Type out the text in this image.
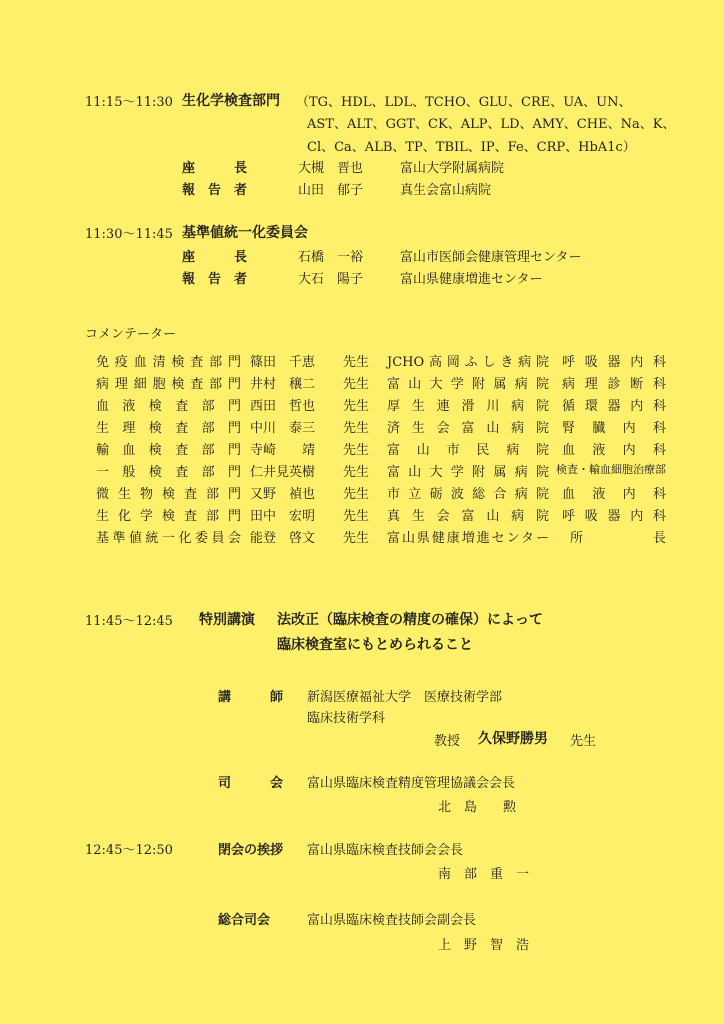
11:15～11:30 生化学検査部門 （TG、HDL、LDL、TCHO、GLU、CRE、UA、UN、
AST、ALT、GGT、CK、ALP、LD、AMY、CHE、Na、K、
Cl、Ca、ALB、TP、TBIL、IP、Fe、CRP、HbA1c）
座　　　長	大槻　晋也	富山大学附属病院
報　告　者	山田　郁子	真生会富山病院
11:30～11:45 基準値統一化委員会
座　　　長	石橋　一裕	富山市医師会健康管理センター
報　告　者	大石　陽子	富山県健康増進センター
コメンテーター
免疫血清検査部門 篠田　千恵 先生 JCHO高岡ふしき病院 呼吸器内科
病理細胞検査部門 井村　穣二 先生 富山大学附属病院 病理診断科
血液検査部門 西田　哲也 先生 厚生連滑川病院 循環器内科
生理検査部門 中川　泰三 先生 済生会富山病院 腎臓内科
輸血検査部門 寺崎　　靖 先生 富山市民病院 血液内科
一般検査部門 仁井見英樹 先生 富山大学附属病院 検査・輸血細胞治療部
微生物検査部門 又野　禎也 先生 市立砺波総合病院 血液内科
生化学検査部門 田中　宏明 先生 真生会富山病院 呼吸器内科
基準値統一化委員会 能登　啓文 先生 富山県健康増進センター 所　　　長
11:45～12:45 特別講演 法改正（臨床検査の精度の確保）によって
臨床検査室にもとめられること
講　　　師	新潟医療福祉大学　医療技術学部
臨床技術学科
教授 久保野勝男 先生
司　　　会	富山県臨床検査精度管理協議会会長
北　島　　勲
12:45～12:50	閉会の挨拶 富山県臨床検査技師会会長
南　部　重　一
総合司会	富山県臨床検査技師会副会長
上　野　智　浩
